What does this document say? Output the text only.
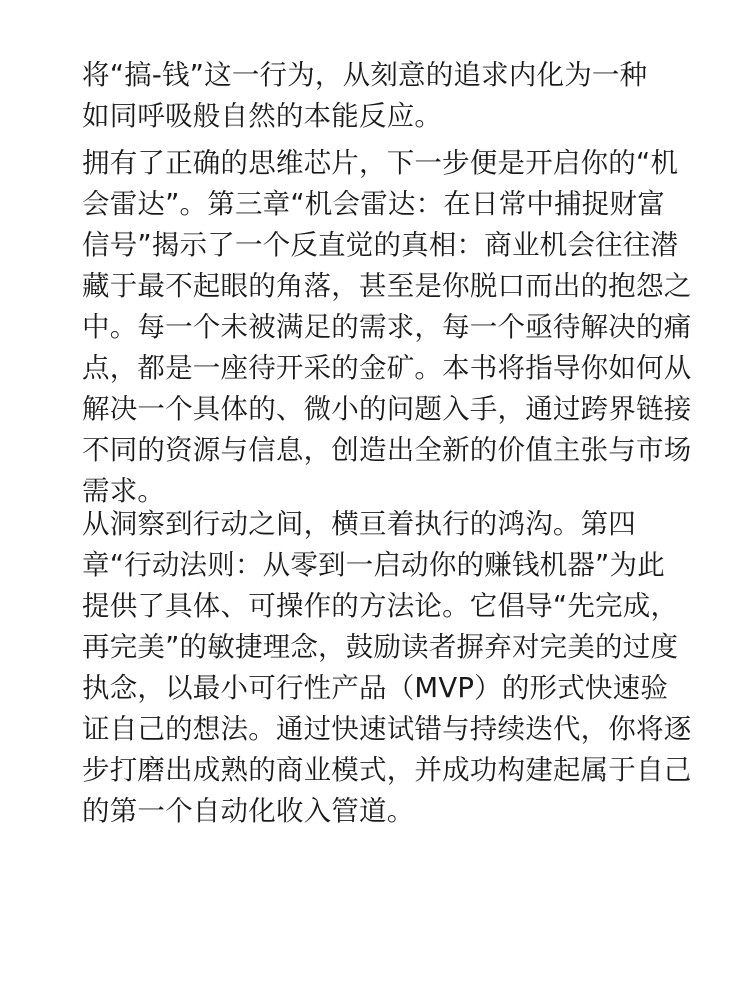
将“搞-钱”这一行为，从刻意的追求内化为一种
如同呼吸般自然的本能反应。
拥有了正确的思维芯片，下一步便是开启你的“机
会雷达”。第三章“机会雷达：在日常中捕捉财富
信号”揭示了一个反直觉的真相：商业机会往往潜
藏于最不起眼的角落，甚至是你脱口而出的抱怨之
中。每一个未被满足的需求，每一个亟待解决的痛
点，都是一座待开采的金矿。本书将指导你如何从
解决一个具体的、微小的问题入手，通过跨界链接
不同的资源与信息，创造出全新的价值主张与市场
需求。
从洞察到行动之间，横亘着执行的鸿沟。第四
章“行动法则：从零到一启动你的赚钱机器”为此
提供了具体、可操作的方法论。它倡导“先完成，
再完美”的敏捷理念，鼓励读者摒弃对完美的过度
执念，以最小可行性产品（MVP）的形式快速验
证自己的想法。通过快速试错与持续迭代，你将逐
步打磨出成熟的商业模式，并成功构建起属于自己
的第一个自动化收入管道。
